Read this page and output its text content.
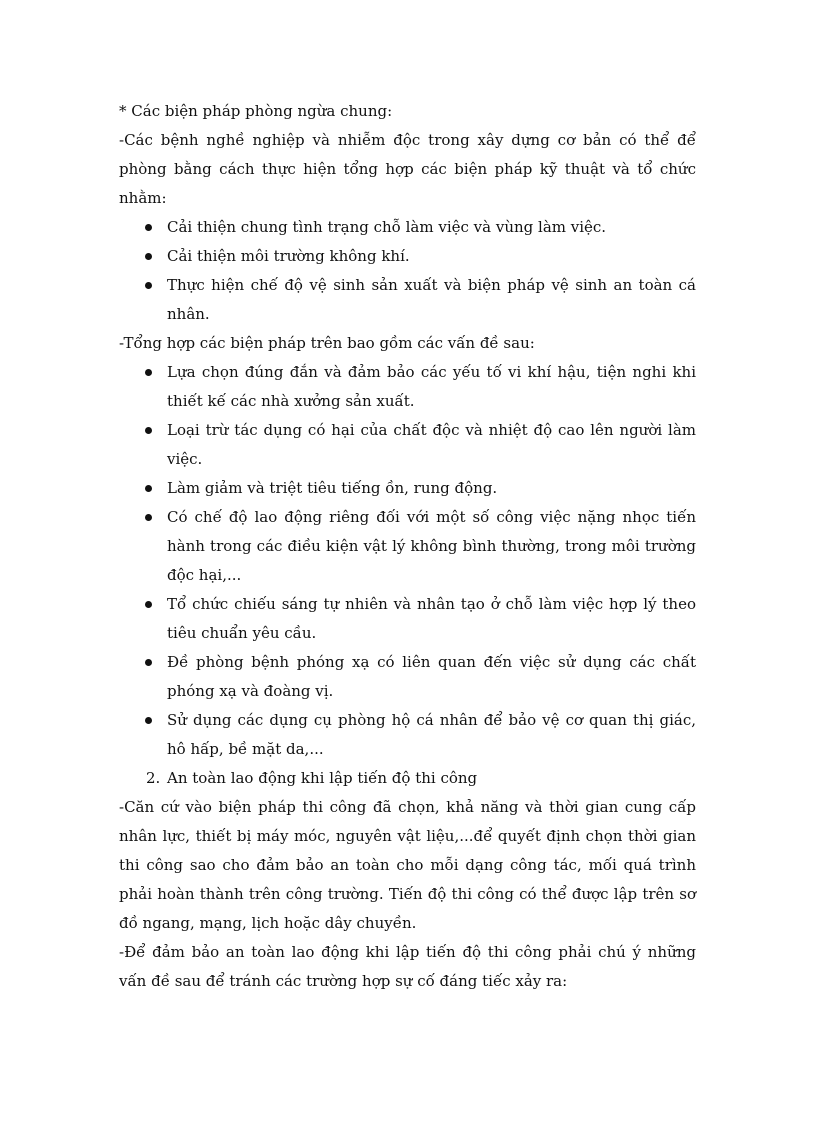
* Các biện pháp phòng ngừa chung:

-Các bệnh nghề nghiệp và nhiễm độc trong xây dựng cơ bản có thể để phòng bằng cách thực hiện tổng hợp các biện pháp kỹ thuật và tổ chức nhằm:

Cải thiện chung tình trạng chỗ làm việc và vùng làm việc.
Cải thiện môi trường không khí.
Thực hiện chế độ vệ sinh sản xuất và biện pháp vệ sinh an toàn cá nhân.

-Tổng hợp các biện pháp trên bao gồm các vấn đề sau:

Lựa chọn đúng đắn và đảm bảo các yếu tố vi khí hậu, tiện nghi khi thiết kế các nhà xưởng sản xuất.
Loại trừ tác dụng có hại của chất độc và nhiệt độ cao lên người làm việc.
Làm giảm và triệt tiêu tiếng ồn, rung động.
Có chế độ lao động riêng đối với một số công việc nặng nhọc tiến hành trong các điều kiện vật lý không bình thường, trong môi trường độc hại,...
Tổ chức chiếu sáng tự nhiên và nhân tạo ở chỗ làm việc hợp lý theo tiêu chuẩn yêu cầu.
Đề phòng bệnh phóng xạ có liên quan đến việc sử dụng các chất phóng xạ và đoàng vị.
Sử dụng các dụng cụ phòng hộ cá nhân để bảo vệ cơ quan thị giác, hô hấp, bề mặt da,...

2. An toàn lao động khi lập tiến độ thi công

-Căn cứ vào biện pháp thi công đã chọn, khả năng và thời gian cung cấp nhân lực, thiết bị máy móc, nguyên vật liệu,...để quyết định chọn thời gian thi công sao cho đảm bảo an toàn cho mỗi dạng công tác, mối quá trình phải hoàn thành trên công trường. Tiến độ thi công có thể được lập trên sơ đồ ngang, mạng, lịch hoặc dây chuyền.

-Để đảm bảo an toàn lao động khi lập tiến độ thi công phải chú ý những vấn đề sau để tránh các trường hợp sự cố đáng tiếc xảy ra:
